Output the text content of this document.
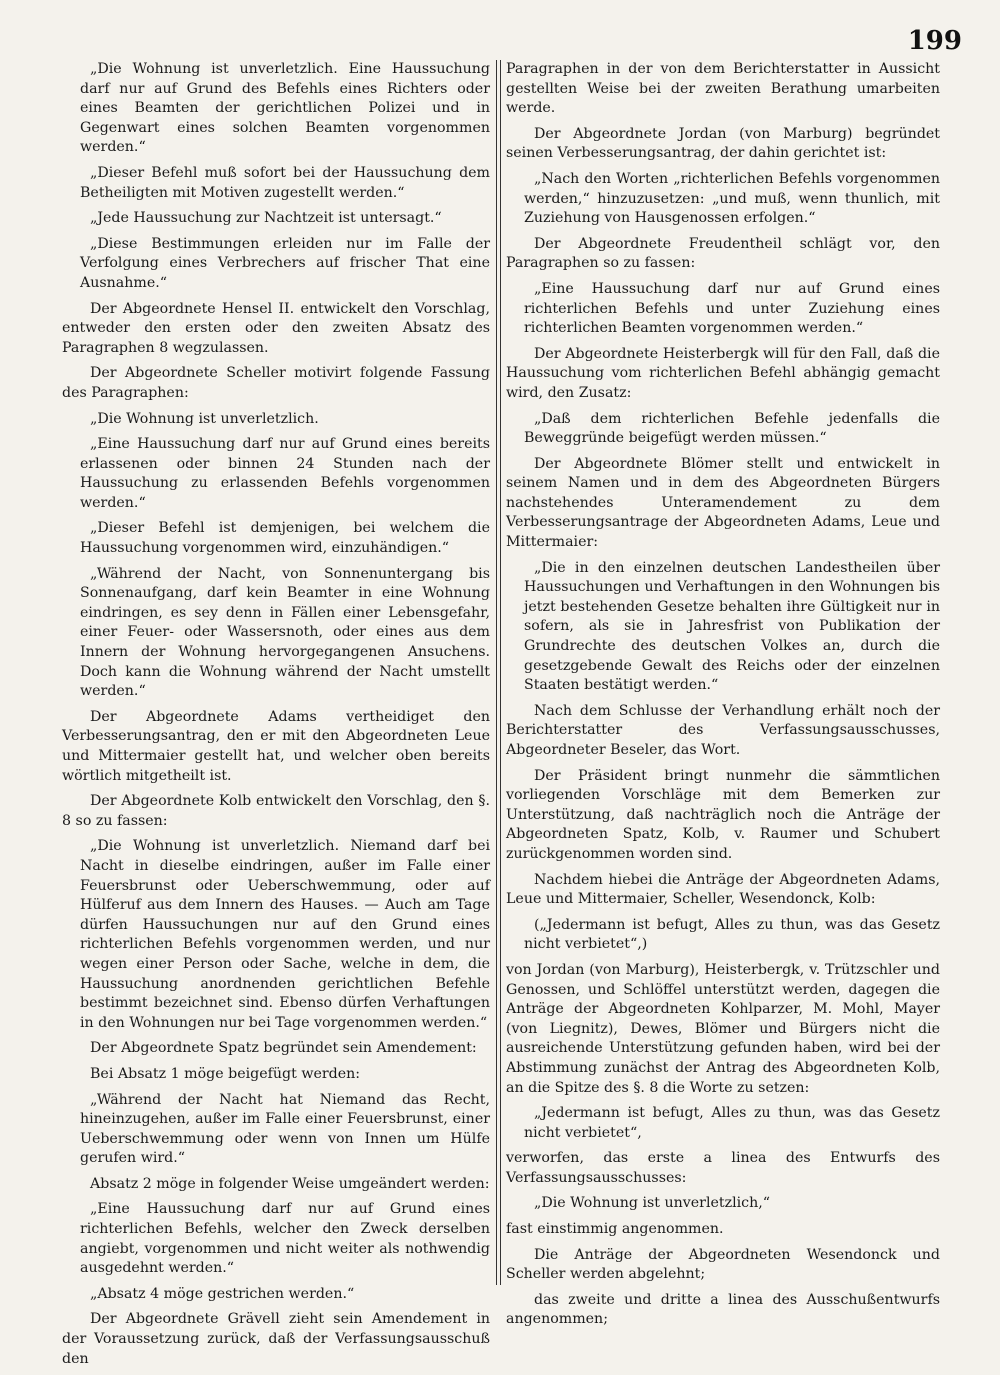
199

„Die Wohnung ist unverletzlich. Eine Haussuchung darf nur auf Grund des Befehls eines Richters oder eines Beamten der gerichtlichen Polizei und in Gegenwart eines solchen Beamten vorgenommen werden.“

„Dieser Befehl muß sofort bei der Haussuchung dem Betheiligten mit Motiven zugestellt werden.“

„Jede Haussuchung zur Nachtzeit ist untersagt.“

„Diese Bestimmungen erleiden nur im Falle der Verfolgung eines Verbrechers auf frischer That eine Ausnahme.“

Der Abgeordnete Hensel II. entwickelt den Vorschlag, entweder den ersten oder den zweiten Absatz des Paragraphen 8 wegzulassen.

Der Abgeordnete Scheller motivirt folgende Fassung des Paragraphen:

„Die Wohnung ist unverletzlich.

„Eine Haussuchung darf nur auf Grund eines bereits erlassenen oder binnen 24 Stunden nach der Haussuchung zu erlassenden Befehls vorgenommen werden.“

„Dieser Befehl ist demjenigen, bei welchem die Haussuchung vorgenommen wird, einzuhändigen.“

„Während der Nacht, von Sonnenuntergang bis Sonnenaufgang, darf kein Beamter in eine Wohnung eindringen, es sey denn in Fällen einer Lebensgefahr, einer Feuer- oder Wassersnoth, oder eines aus dem Innern der Wohnung hervorgegangenen Ansuchens. Doch kann die Wohnung während der Nacht umstellt werden.“

Der Abgeordnete Adams vertheidiget den Verbesserungsantrag, den er mit den Abgeordneten Leue und Mittermaier gestellt hat, und welcher oben bereits wörtlich mitgetheilt ist.

Der Abgeordnete Kolb entwickelt den Vorschlag, den §. 8 so zu fassen:

„Die Wohnung ist unverletzlich. Niemand darf bei Nacht in dieselbe eindringen, außer im Falle einer Feuersbrunst oder Ueberschwemmung, oder auf Hülferuf aus dem Innern des Hauses. — Auch am Tage dürfen Haussuchungen nur auf den Grund eines richterlichen Befehls vorgenommen werden, und nur wegen einer Person oder Sache, welche in dem, die Haussuchung anordnenden gerichtlichen Befehle bestimmt bezeichnet sind. Ebenso dürfen Verhaftungen in den Wohnungen nur bei Tage vorgenommen werden.“

Der Abgeordnete Spatz begründet sein Amendement:

Bei Absatz 1 möge beigefügt werden:

„Während der Nacht hat Niemand das Recht, hineinzugehen, außer im Falle einer Feuersbrunst, einer Ueberschwemmung oder wenn von Innen um Hülfe gerufen wird.“

Absatz 2 möge in folgender Weise umgeändert werden:

„Eine Haussuchung darf nur auf Grund eines richterlichen Befehls, welcher den Zweck derselben angiebt, vorgenommen und nicht weiter als nothwendig ausgedehnt werden.“

„Absatz 4 möge gestrichen werden.“

Der Abgeordnete Grävell zieht sein Amendement in der Voraussetzung zurück, daß der Verfassungsausschuß den

Paragraphen in der von dem Berichterstatter in Aussicht gestellten Weise bei der zweiten Berathung umarbeiten werde.

Der Abgeordnete Jordan (von Marburg) begründet seinen Verbesserungsantrag, der dahin gerichtet ist:

„Nach den Worten „richterlichen Befehls vorgenommen werden,“ hinzuzusetzen: „und muß, wenn thunlich, mit Zuziehung von Hausgenossen erfolgen.“

Der Abgeordnete Freudentheil schlägt vor, den Paragraphen so zu fassen:

„Eine Haussuchung darf nur auf Grund eines richterlichen Befehls und unter Zuziehung eines richterlichen Beamten vorgenommen werden.“

Der Abgeordnete Heisterbergk will für den Fall, daß die Haussuchung vom richterlichen Befehl abhängig gemacht wird, den Zusatz:

„Daß dem richterlichen Befehle jedenfalls die Beweggründe beigefügt werden müssen.“

Der Abgeordnete Blömer stellt und entwickelt in seinem Namen und in dem des Abgeordneten Bürgers nachstehendes Unteramendement zu dem Verbesserungsantrage der Abgeordneten Adams, Leue und Mittermaier:

„Die in den einzelnen deutschen Landestheilen über Haussuchungen und Verhaftungen in den Wohnungen bis jetzt bestehenden Gesetze behalten ihre Gültigkeit nur in sofern, als sie in Jahresfrist von Publikation der Grundrechte des deutschen Volkes an, durch die gesetzgebende Gewalt des Reichs oder der einzelnen Staaten bestätigt werden.“

Nach dem Schlusse der Verhandlung erhält noch der Berichterstatter des Verfassungsausschusses, Abgeordneter Beseler, das Wort.

Der Präsident bringt nunmehr die sämmtlichen vorliegenden Vorschläge mit dem Bemerken zur Unterstützung, daß nachträglich noch die Anträge der Abgeordneten Spatz, Kolb, v. Raumer und Schubert zurückgenommen worden sind.

Nachdem hiebei die Anträge der Abgeordneten Adams, Leue und Mittermaier, Scheller, Wesendonck, Kolb:

(„Jedermann ist befugt, Alles zu thun, was das Gesetz nicht verbietet“,)

von Jordan (von Marburg), Heisterbergk, v. Trützschler und Genossen, und Schlöffel unterstützt werden, dagegen die Anträge der Abgeordneten Kohlparzer, M. Mohl, Mayer (von Liegnitz), Dewes, Blömer und Bürgers nicht die ausreichende Unterstützung gefunden haben, wird bei der Abstimmung zunächst der Antrag des Abgeordneten Kolb, an die Spitze des §. 8 die Worte zu setzen:

„Jedermann ist befugt, Alles zu thun, was das Gesetz nicht verbietet“,

verworfen, das erste a linea des Entwurfs des Verfassungsausschusses:

„Die Wohnung ist unverletzlich,“

fast einstimmig angenommen.

Die Anträge der Abgeordneten Wesendonck und Scheller werden abgelehnt;

das zweite und dritte a linea des Ausschußentwurfs angenommen;
